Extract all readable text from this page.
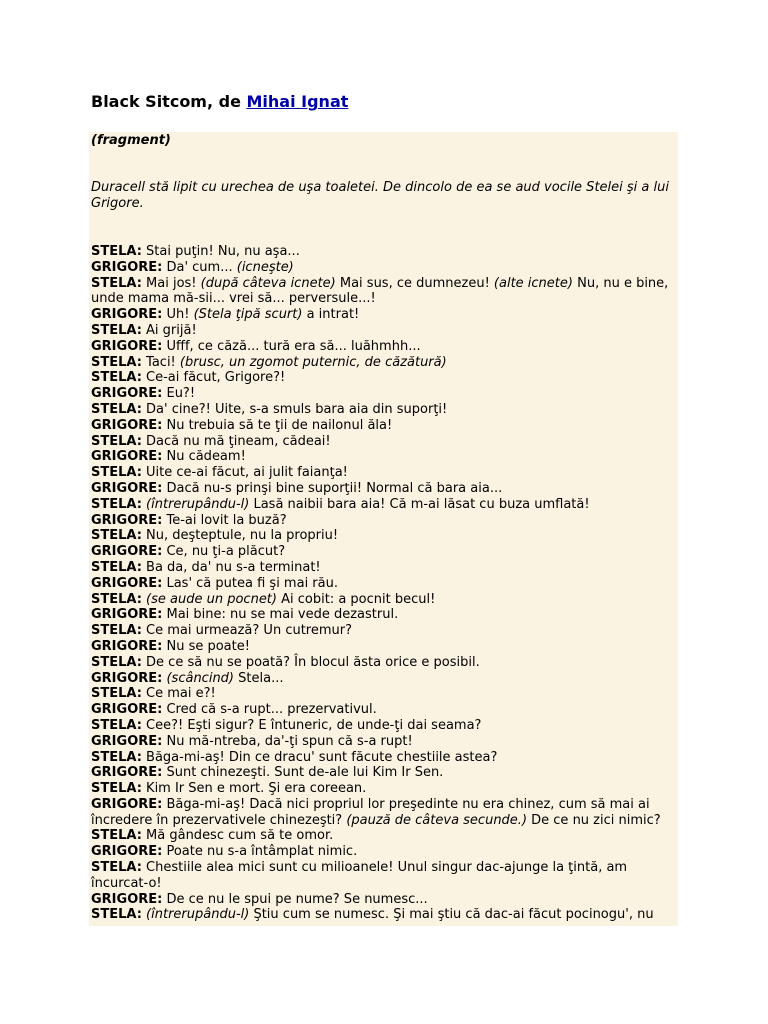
Black Sitcom, de Mihai Ignat

(fragment)

Duracell stă lipit cu urechea de uşa toaletei. De dincolo de ea se aud vocile Stelei şi a lui Grigore.

STELA: Stai puţin! Nu, nu aşa...
GRIGORE: Da' cum... (icneşte)
STELA: Mai jos! (după câteva icnete) Mai sus, ce dumnezeu! (alte icnete) Nu, nu e bine, unde mama mă-sii... vrei să... perversule...!
GRIGORE: Uh! (Stela ţipă scurt) a intrat!
STELA: Ai grijă!
GRIGORE: Ufff, ce căză... tură era să... luăhmhh...
STELA: Taci! (brusc, un zgomot puternic, de căzătură)
STELA: Ce-ai făcut, Grigore?!
GRIGORE: Eu?!
STELA: Da' cine?! Uite, s-a smuls bara aia din suporţi!
GRIGORE: Nu trebuia să te ţii de nailonul ăla!
STELA: Dacă nu mă ţineam, cădeai!
GRIGORE: Nu cădeam!
STELA: Uite ce-ai făcut, ai julit faianţa!
GRIGORE: Dacă nu-s prinşi bine suporţii! Normal că bara aia...
STELA: (întrerupându-l) Lasă naibii bara aia! Că m-ai lăsat cu buza umflată!
GRIGORE: Te-ai lovit la buză?
STELA: Nu, deşteptule, nu la propriu!
GRIGORE: Ce, nu ţi-a plăcut?
STELA: Ba da, da' nu s-a terminat!
GRIGORE: Las' că putea fi şi mai rău.
STELA: (se aude un pocnet) Ai cobit: a pocnit becul!
GRIGORE: Mai bine: nu se mai vede dezastrul.
STELA: Ce mai urmează? Un cutremur?
GRIGORE: Nu se poate!
STELA: De ce să nu se poată? În blocul ăsta orice e posibil.
GRIGORE: (scâncind) Stela...
STELA: Ce mai e?!
GRIGORE: Cred că s-a rupt... prezervativul.
STELA: Cee?! Eşti sigur? E întuneric, de unde-ţi dai seama?
GRIGORE: Nu mă-ntreba, da'-ţi spun că s-a rupt!
STELA: Băga-mi-aş! Din ce dracu' sunt făcute chestiile astea?
GRIGORE: Sunt chinezeşti. Sunt de-ale lui Kim Ir Sen.
STELA: Kim Ir Sen e mort. Şi era coreean.
GRIGORE: Băga-mi-aş! Dacă nici propriul lor preşedinte nu era chinez, cum să mai ai încredere în prezervativele chinezeşti? (pauză de câteva secunde.) De ce nu zici nimic?
STELA: Mă gândesc cum să te omor.
GRIGORE: Poate nu s-a întâmplat nimic.
STELA: Chestiile alea mici sunt cu milioanele! Unul singur dac-ajunge la ţintă, am încurcat-o!
GRIGORE: De ce nu le spui pe nume? Se numesc...
STELA: (întrerupându-l) Ştiu cum se numesc. Şi mai ştiu că dac-ai făcut pocinogu', nu
